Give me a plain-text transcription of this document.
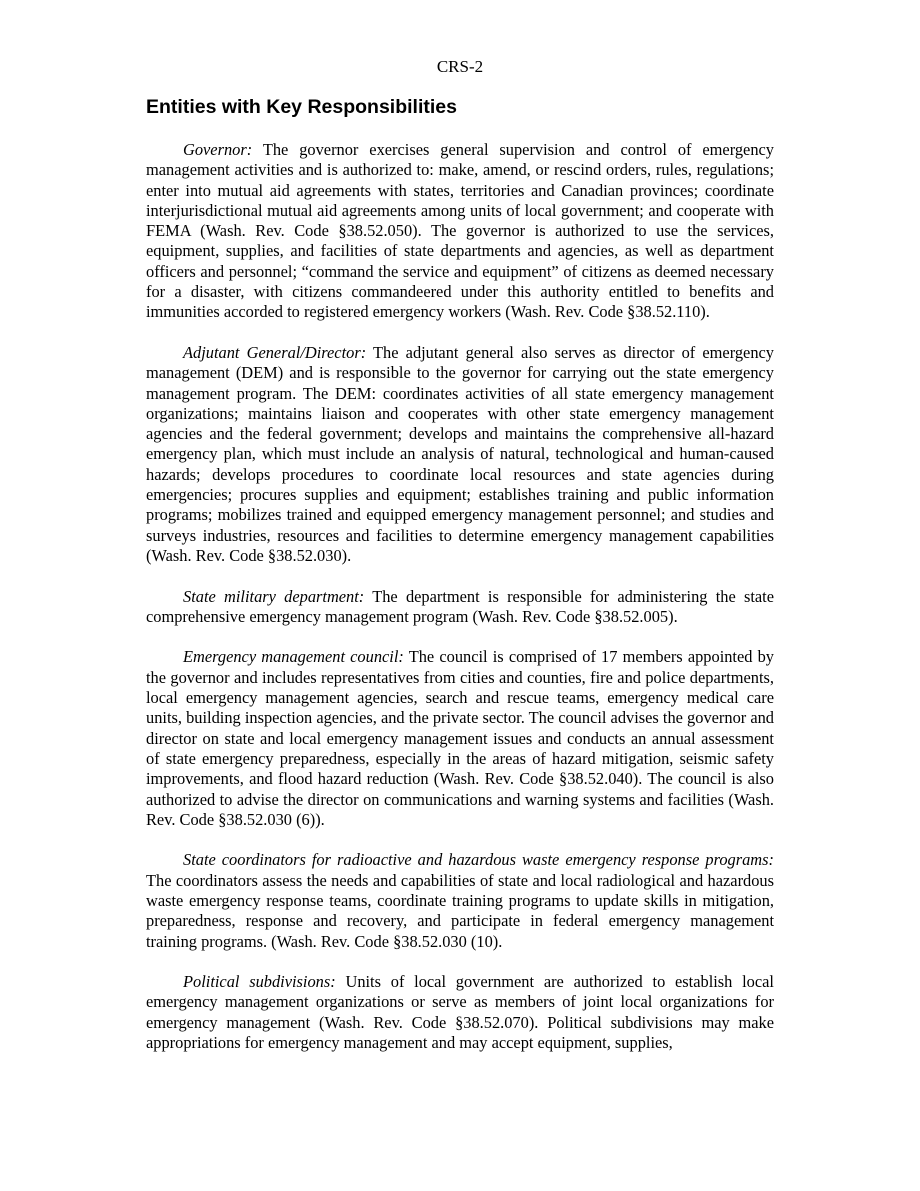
CRS-2
Entities with Key Responsibilities

Governor: The governor exercises general supervision and control of emergency management activities and is authorized to: make, amend, or rescind orders, rules, regulations; enter into mutual aid agreements with states, territories and Canadian provinces; coordinate interjurisdictional mutual aid agreements among units of local government; and cooperate with FEMA (Wash. Rev. Code §38.52.050). The governor is authorized to use the services, equipment, supplies, and facilities of state departments and agencies, as well as department officers and personnel; “command the service and equipment” of citizens as deemed necessary for a disaster, with citizens commandeered under this authority entitled to benefits and immunities accorded to registered emergency workers (Wash. Rev. Code §38.52.110).

Adjutant General/Director: The adjutant general also serves as director of emergency management (DEM) and is responsible to the governor for carrying out the state emergency management program. The DEM: coordinates activities of all state emergency management organizations; maintains liaison and cooperates with other state emergency management agencies and the federal government; develops and maintains the comprehensive all-hazard emergency plan, which must include an analysis of natural, technological and human-caused hazards; develops procedures to coordinate local resources and state agencies during emergencies; procures supplies and equipment; establishes training and public information programs; mobilizes trained and equipped emergency management personnel; and studies and surveys industries, resources and facilities to determine emergency management capabilities (Wash. Rev. Code §38.52.030).

State military department: The department is responsible for administering the state comprehensive emergency management program (Wash. Rev. Code §38.52.005).

Emergency management council: The council is comprised of 17 members appointed by the governor and includes representatives from cities and counties, fire and police departments, local emergency management agencies, search and rescue teams, emergency medical care units, building inspection agencies, and the private sector. The council advises the governor and director on state and local emergency management issues and conducts an annual assessment of state emergency preparedness, especially in the areas of hazard mitigation, seismic safety improvements, and flood hazard reduction (Wash. Rev. Code §38.52.040). The council is also authorized to advise the director on communications and warning systems and facilities (Wash. Rev. Code §38.52.030 (6)).

State coordinators for radioactive and hazardous waste emergency response programs: The coordinators assess the needs and capabilities of state and local radiological and hazardous waste emergency response teams, coordinate training programs to update skills in mitigation, preparedness, response and recovery, and participate in federal emergency management training programs. (Wash. Rev. Code §38.52.030 (10).

Political subdivisions: Units of local government are authorized to establish local emergency management organizations or serve as members of joint local organizations for emergency management (Wash. Rev. Code §38.52.070). Political subdivisions may make appropriations for emergency management and may accept equipment, supplies,
